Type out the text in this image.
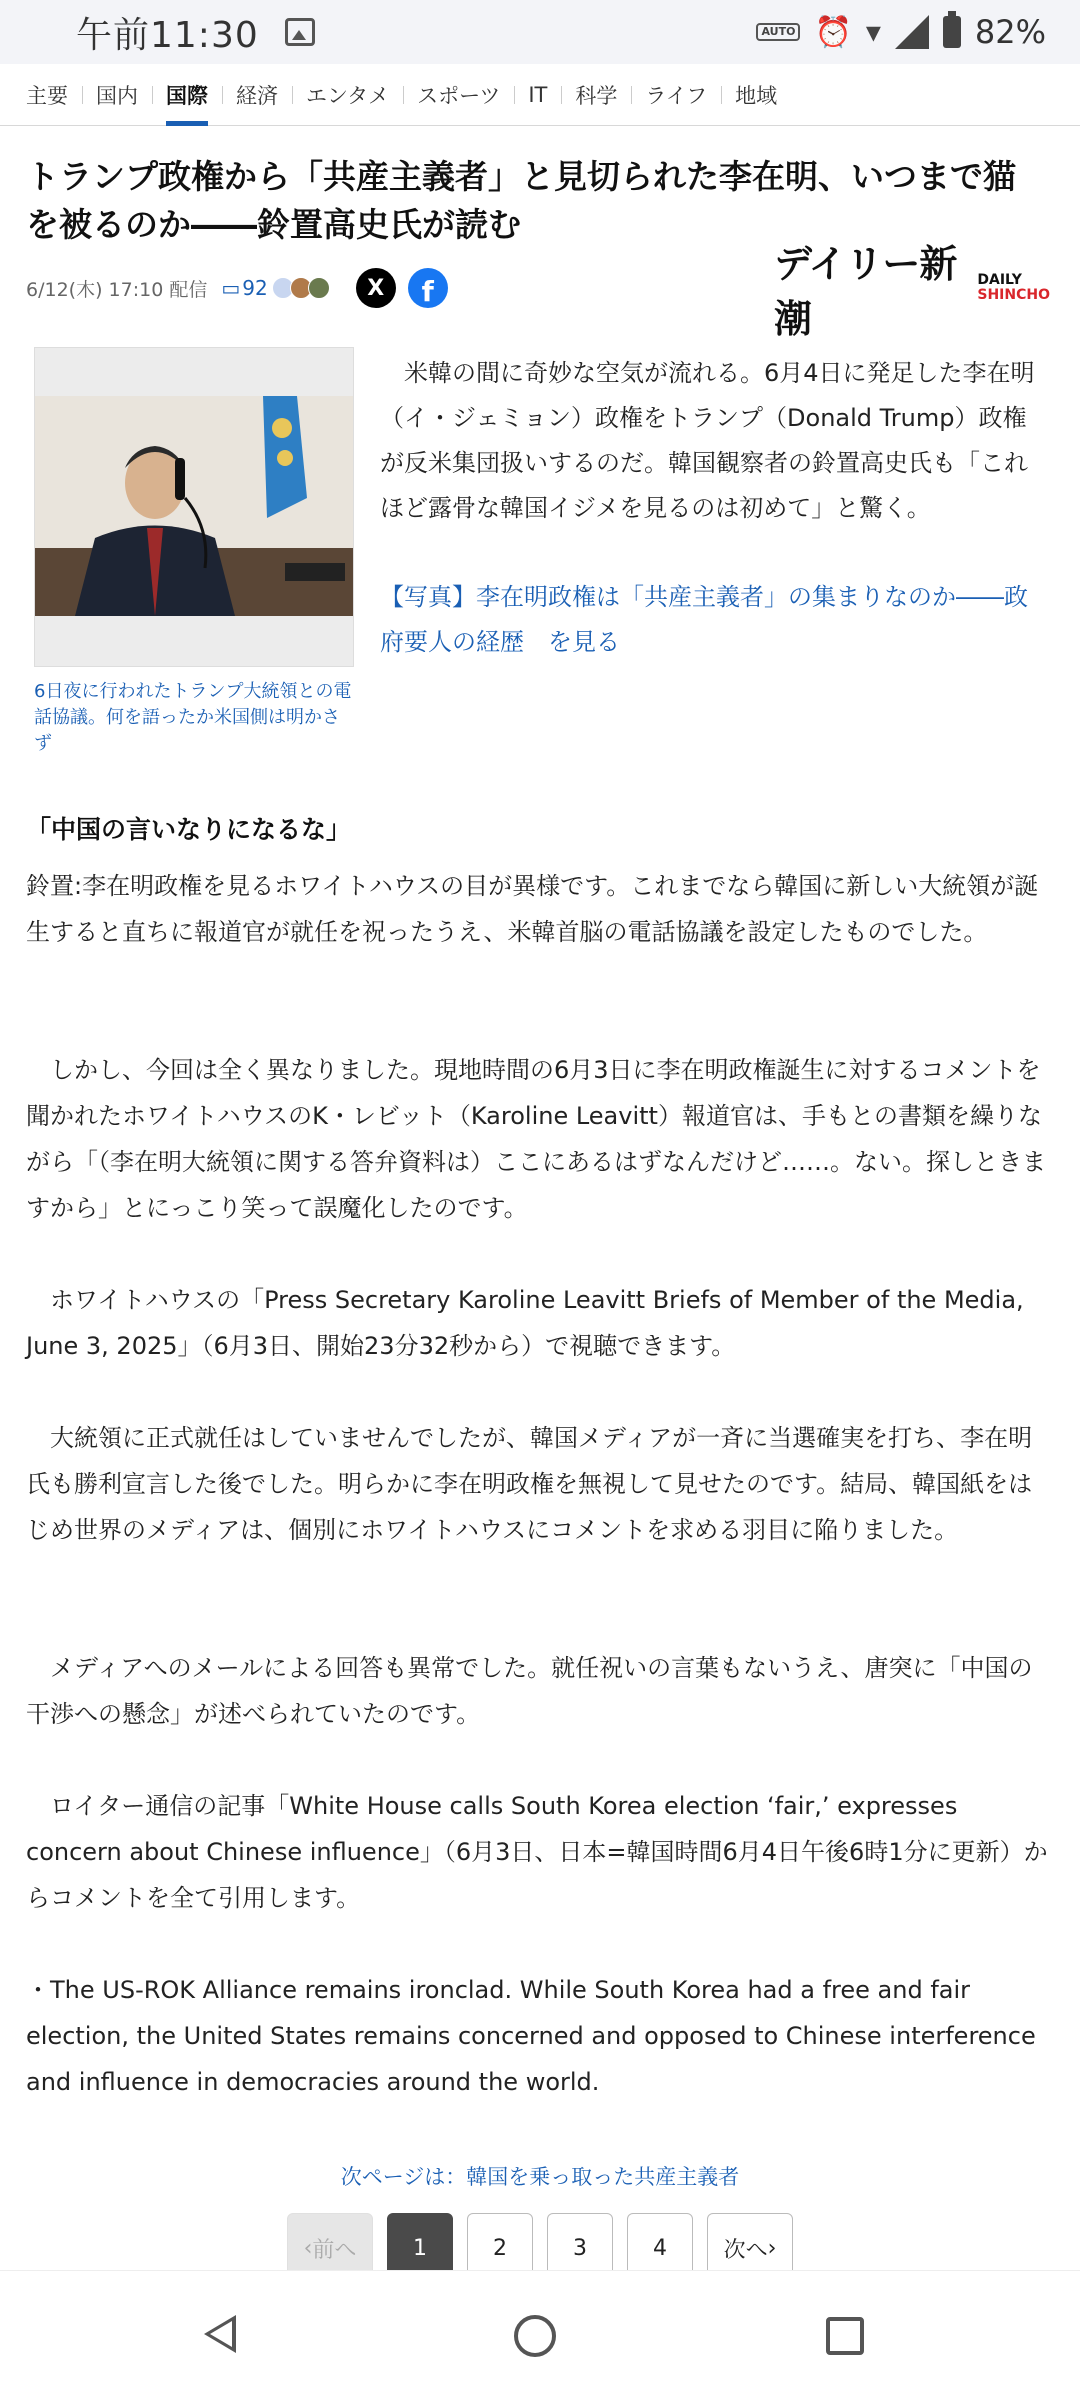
午前11:30	AUTO ⏰ ▾	82%
主要	国内	国際	経済	エンタメ	スポーツ	IT	科学	ライフ	地域
トランプ政権から「共産主義者」と見切られた李在明、いつまで猫を被るのか――鈴置高史氏が読む
6/12(木) 17:10 配信 ▭ 92	X	f
デイリー新潮
DAILY
SHINCHO

6日夜に行われたトランプ大統領との電話協議。何を語ったか米国側は明かさず

　米韓の間に奇妙な空気が流れる。6月4日に発足した李在明（イ・ジェミョン）政権をトランプ（Donald Trump）政権が反米集団扱いするのだ。韓国観察者の鈴置高史氏も「これほど露骨な韓国イジメを見るのは初めて」と驚く。

【写真】李在明政権は「共産主義者」の集まりなのか――政府要人の経歴　を見る

「中国の言いなりになるな」

鈴置:李在明政権を見るホワイトハウスの目が異様です。これまでなら韓国に新しい大統領が誕生すると直ちに報道官が就任を祝ったうえ、米韓首脳の電話協議を設定したものでした。

　しかし、今回は全く異なりました。現地時間の6月3日に李在明政権誕生に対するコメントを聞かれたホワイトハウスのK・レビット（Karoline Leavitt）報道官は、手もとの書類を繰りながら「（李在明大統領に関する答弁資料は）ここにあるはずなんだけど……。ない。探しときますから」とにっこり笑って誤魔化したのです。

　ホワイトハウスの「Press Secretary Karoline Leavitt Briefs of Member of the Media, June 3, 2025」（6月3日、開始23分32秒から）で視聴できます。

　大統領に正式就任はしていませんでしたが、韓国メディアが一斉に当選確実を打ち、李在明氏も勝利宣言した後でした。明らかに李在明政権を無視して見せたのです。結局、韓国紙をはじめ世界のメディアは、個別にホワイトハウスにコメントを求める羽目に陥りました。

　メディアへのメールによる回答も異常でした。就任祝いの言葉もないうえ、唐突に「中国の干渉への懸念」が述べられていたのです。

　ロイター通信の記事「White House calls South Korea election ‘fair,’ expresses concern about Chinese influence」（6月3日、日本=韓国時間6月4日午後6時1分に更新）からコメントを全て引用します。

・The US-ROK Alliance remains ironclad. While South Korea had a free and fair election, the United States remains concerned and opposed to Chinese interference and influence in democracies around the world.

次ページは：韓国を乗っ取った共産主義者

‹ 前へ	1	2	3	4	次へ ›
